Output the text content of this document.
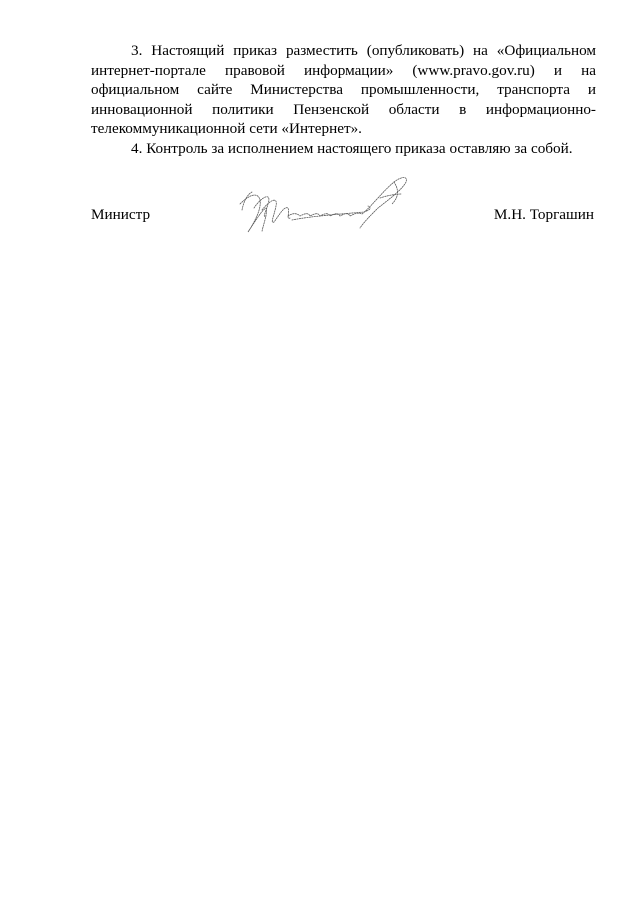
3. Настоящий приказ разместить (опубликовать) на «Официальном интернет-портале правовой информации» (www.pravo.gov.ru) и на официальном сайте Министерства промышленности, транспорта и инновационной политики Пензенской области в информационно-телекоммуникационной сети «Интернет».

4. Контроль за исполнением настоящего приказа оставляю за собой.

Министр	М.Н. Торгашин
